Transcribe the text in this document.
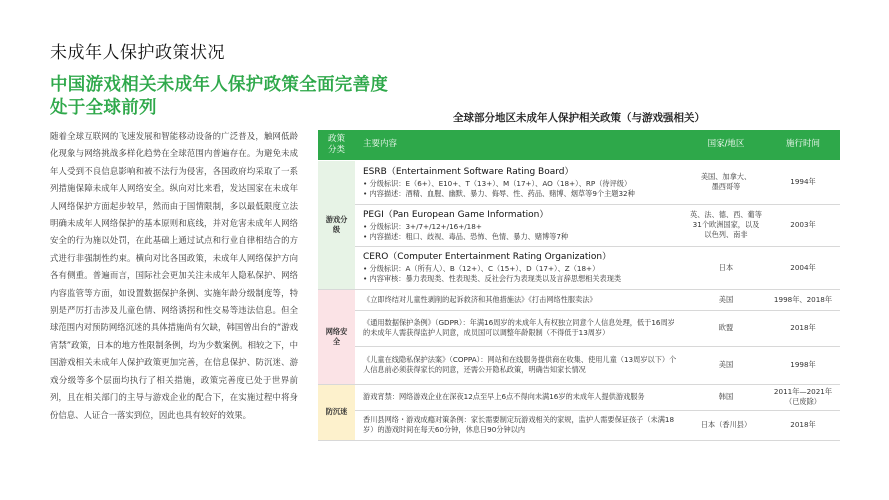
未成年人保护政策状况
中国游戏相关未成年人保护政策全面完善度处于全球前列
随着全球互联网的飞速发展和智能移动设备的广泛普及，触网低龄化现象与网络挑战多样化趋势在全球范围内普遍存在。为避免未成年人受到不良信息影响和被不法行为侵害，各国政府均采取了一系列措施保障未成年人网络安全。纵向对比来看，发达国家在未成年人网络保护方面起步较早，然而由于国情限制，多以最低限度立法明确未成年人网络保护的基本原则和底线，并对危害未成年人网络安全的行为施以处罚，在此基础上通过试点和行业自律相结合的方式进行非强制性约束。横向对比各国政策，未成年人网络保护方向各有侧重。普遍而言，国际社会更加关注未成年人隐私保护、网络内容监管等方面，如设置数据保护条例、实施年龄分级制度等，特别是严厉打击涉及儿童色情、网络诱拐和性交易等违法信息。但全球范围内对预防网络沉迷的具体措施尚有欠缺，韩国曾出台的“游戏宵禁”政策，日本的地方性限制条例，均为少数案例。相较之下，中国游戏相关未成年人保护政策更加完善，在信息保护、防沉迷、游戏分级等多个层面均执行了相关措施，政策完善度已处于世界前列，且在相关部门的主导与游戏企业的配合下，在实施过程中将身份信息、人证合一落实到位，因此也具有较好的效果。
全球部分地区未成年人保护相关政策（与游戏强相关）
政策分类	主要内容	国家/地区	施行时间
游戏分级	ESRB（Entertainment Software Rating Board）
• 分级标识：E（6+）、E10+、T（13+）、M（17+）、AO（18+）、RP（待评级）
• 内容描述：酒精、血腥、幽默、暴力、侮辱、性、药品、赌博、烟草等9个主题32种	美国、加拿大、墨西哥等	1994年

	PEGI（Pan European Game Information）
• 分级标识：3+/7+/12+/16+/18+
• 内容描述：粗口、歧视、毒品、恐怖、色情、暴力、赌博等7种	英、法、德、西、葡等31个欧洲国家，以及以色列、南非	2003年

	CERO（Computer Entertainment Rating Organization）
• 分级标识：A（所有人）、B（12+）、C（15+）、D（17+）、Z（18+）
• 内容审核：暴力表现类、性表现类、反社会行为表现类以及言辞思想相关表现类	日本	2004年
网络安全	《立即终结对儿童性剥削的起诉救济和其他措施法》《打击网络性服卖法》	美国	1998年、2018年
	《通用数据保护条例》（GDPR）：年满16周岁的未成年人有权独立同意个人信息处理，低于16周岁的未成年人需获得监护人同意，成员国可以调整年龄限制（不得低于13周岁）	欧盟	2018年
	《儿童在线隐私保护法案》（COPPA）：网站和在线服务提供商在收集、使用儿童（13周岁以下）个人信息前必须获得家长的同意，还需公开隐私政策，明确告知家长情况	美国	1998年
防沉迷	游戏宵禁：网络游戏企业在深夜12点至早上6点不得向未满16岁的未成年人提供游戏服务	韩国	2011年—2021年（已废除）
	香川县网络・游戏成瘾对策条例：家长需要制定玩游戏相关的家规，监护人需要保证孩子（未满18岁）的游戏时间在每天60分钟，休息日90分钟以内	日本（香川县）	2018年
